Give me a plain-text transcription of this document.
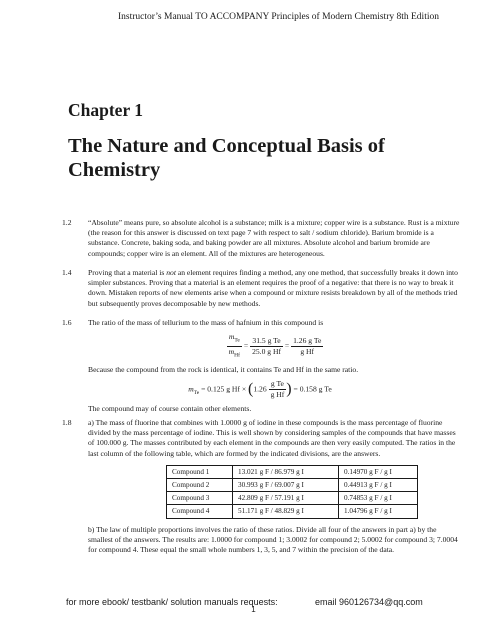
Instructor’s Manual TO ACCOMPANY Principles of Modern Chemistry 8th Edition
Chapter 1
The Nature and Conceptual Basis of Chemistry
1.2	“Absolute” means pure, so absolute alcohol is a substance; milk is a mixture; copper wire is a substance. Rust is a mixture (the reason for this answer is discussed on text page 7 with respect to salt / sodium chloride). Barium bromide is a substance. Concrete, baking soda, and baking powder are all mixtures. Absolute alcohol and barium bromide are compounds; copper wire is an element. All of the mixtures are heterogeneous.

1.4	Proving that a material is not an element requires finding a method, any one method, that successfully breaks it down into simpler substances. Proving that a material is an element requires the proof of a negative: that there is no way to break it down. Mistaken reports of new elements arise when a compound or mixture resists breakdown by all of the methods tried but subsequently proves decomposable by new methods.

1.6	The ratio of the mass of tellurium to the mass of hafnium in this compound is

$\frac{m_{Te}}{m_{Hf}} = \frac{\text{31.5 g Te}}{\text{25.0 g Hf}} = \frac{\text{1.26 g Te}}{\text{g Hf}}$

Because the compound from the rock is identical, it contains Te and Hf in the same ratio.

$m_{Te} = 0.125$ g $Hf \times (1.26 \frac{\text{g Te}}{\text{g Hf}}$ ) = 0.158 g Te

The compound may of course contain other elements.

1.8	a) The mass of fluorine that combines with 1.0000 g of iodine in these compounds is the mass percentage of fluorine divided by the mass percentage of iodine. This is well shown by considering samples of the compounds that have masses of 100.000 g. The masses contributed by each element in the compounds are then very easily computed. The ratios in the last column of the following table, which are formed by the indicated divisions, are the answers.

Compound 1	13.021 g F / 86.979 g I	0.14970 g F / g I
Compound 2	30.993 g F / 69.007 g I	0.44913 g F / g I
Compound 3	42.809 g F / 57.191 g I	0.74853 g F / g I
Compound 4	51.171 g F / 48.829 g I	1.04796 g F / g I

b) The law of multiple proportions involves the ratio of these ratios. Divide all four of the answers in part a) by the smallest of the answers. The results are: 1.0000 for compound 1; 3.0002 for compound 2; 5.0002 for compound 3; 7.0004 for compound 4. These equal the small whole numbers 1, 3, 5, and 7 within the precision of the data.

for more ebook/ testbank/ solution manuals requests:	email 960126734@qq.com
1
